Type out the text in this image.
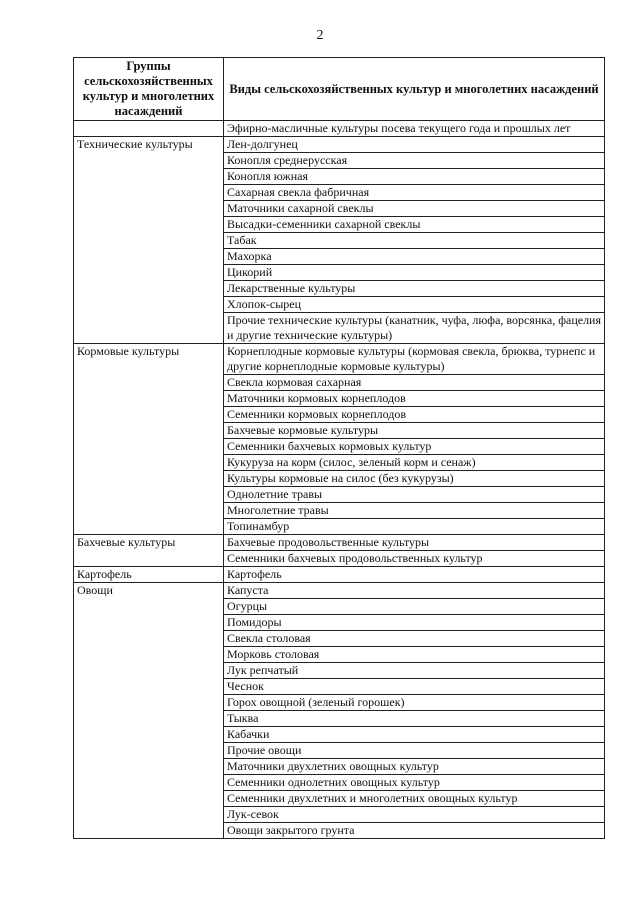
2
Группы сельскохозяйственных культур и многолетних насаждений	Виды сельскохозяйственных культур и многолетних насаждений
	Эфирно-масличные культуры посева текущего года и прошлых лет
Технические культуры	Лен-долгунец
	Конопля среднерусская
	Конопля южная
	Сахарная свекла фабричная
	Маточники сахарной свеклы
	Высадки-семенники сахарной свеклы
	Табак
	Махорка
	Цикорий
	Лекарственные культуры
	Хлопок-сырец
	Прочие технические культуры (канатник, чуфа, люфа, ворсянка, фацелия и другие технические культуры)
Кормовые культуры	Корнеплодные кормовые культуры (кормовая свекла, брюква, турнепс и другие корнеплодные кормовые культуры)
	Свекла кормовая сахарная
	Маточники кормовых корнеплодов
	Семенники кормовых корнеплодов
	Бахчевые кормовые культуры
	Семенники бахчевых кормовых культур
	Кукуруза на корм (силос, зеленый корм и сенаж)
	Культуры кормовые на силос (без кукурузы)
	Однолетние травы
	Многолетние травы
	Топинамбур
Бахчевые культуры	Бахчевые продовольственные культуры
	Семенники бахчевых продовольственных культур
Картофель	Картофель
Овощи	Капуста
	Огурцы
	Помидоры
	Свекла столовая
	Морковь столовая
	Лук репчатый
	Чеснок
	Горох овощной (зеленый горошек)
	Тыква
	Кабачки
	Прочие овощи
	Маточники двухлетних овощных культур
	Семенники однолетних овощных культур
	Семенники двухлетних и многолетних овощных культур
	Лук-севок
	Овощи закрытого грунта
